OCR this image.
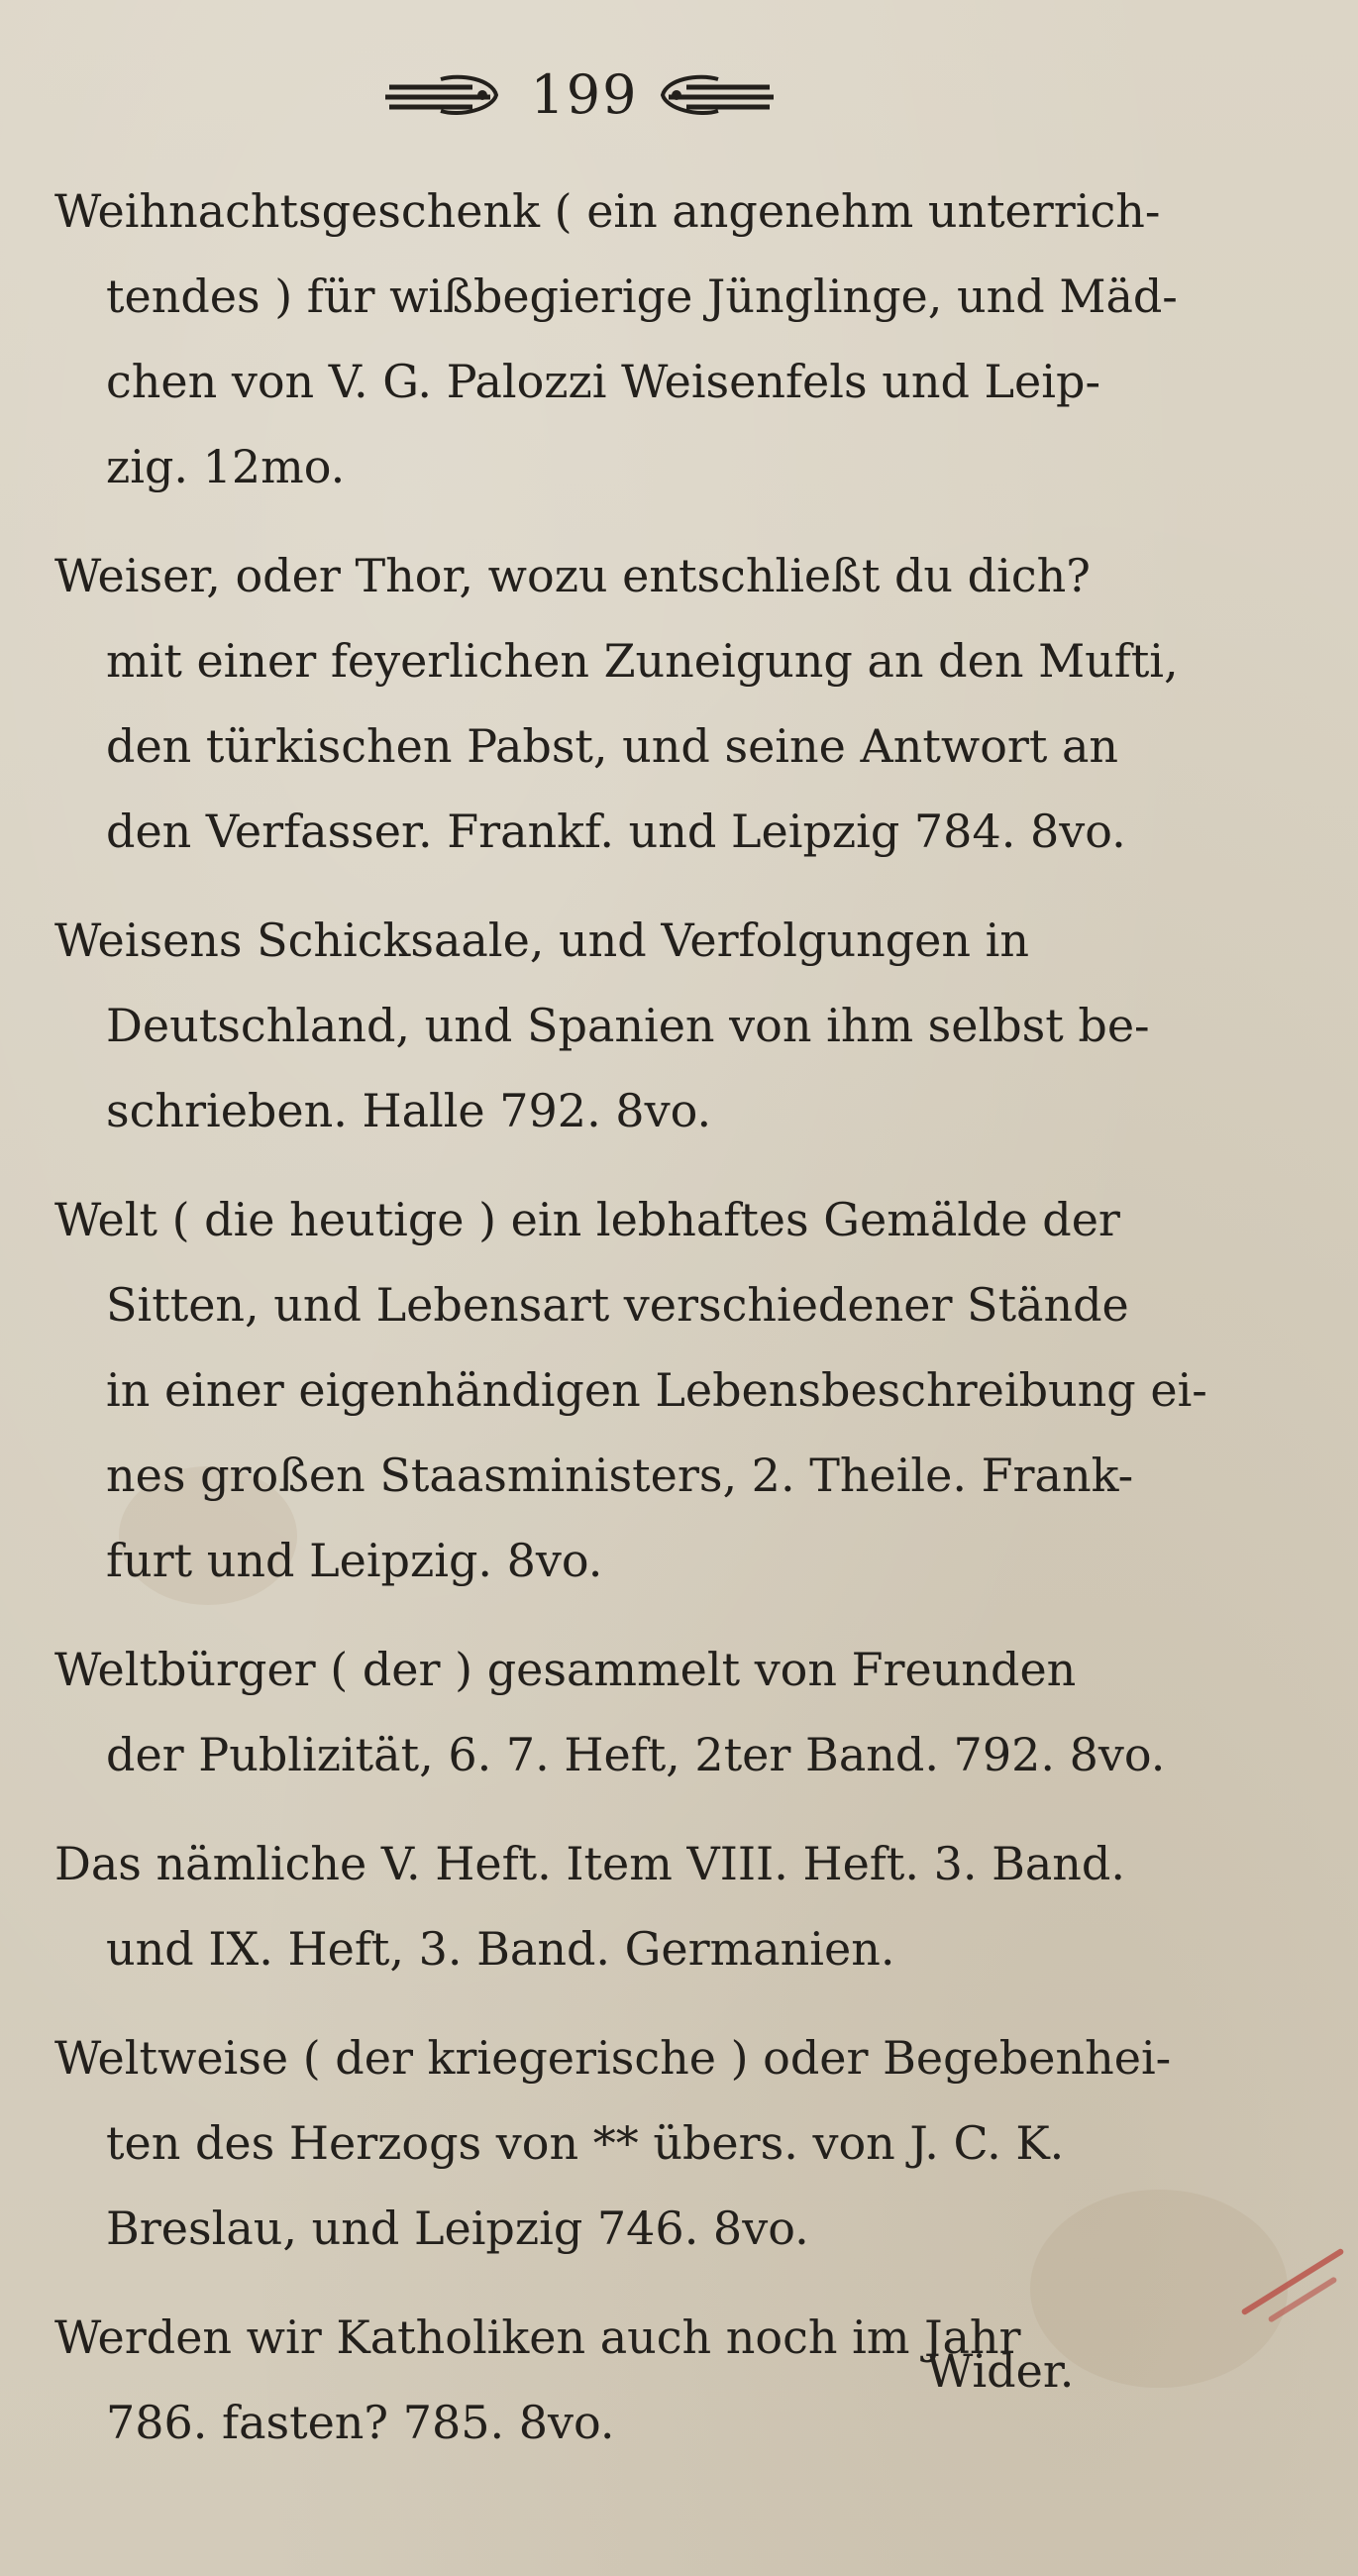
199

Weihnachtsgeschenk ( ein angenehm unterrich-

tendes ) für wißbegierige Jünglinge, und Mäd-

chen von V. G. Palozzi Weisenfels und Leip-

zig. 12mo.

Weiser, oder Thor, wozu entschließt du dich?

mit einer feyerlichen Zuneigung an den Mufti,

den türkischen Pabst, und seine Antwort an

den Verfasser. Frankf. und Leipzig 784. 8vo.

Weisens Schicksaale, und Verfolgungen in

Deutschland, und Spanien von ihm selbst be-

schrieben. Halle 792. 8vo.

Welt ( die heutige ) ein lebhaftes Gemälde der

Sitten, und Lebensart verschiedener Stände

in einer eigenhändigen Lebensbeschreibung ei-

nes großen Staasministers, 2. Theile. Frank-

furt und Leipzig. 8vo.

Weltbürger ( der ) gesammelt von Freunden

der Publizität, 6. 7. Heft, 2ter Band. 792. 8vo.

Das nämliche V. Heft. Item VIII. Heft. 3. Band.

und IX. Heft, 3. Band. Germanien.

Weltweise ( der kriegerische ) oder Begebenhei-

ten des Herzogs von ** übers. von J. C. K.

Breslau, und Leipzig 746. 8vo.

Werden wir Katholiken auch noch im Jahr

786. fasten? 785. 8vo.

Wider.
